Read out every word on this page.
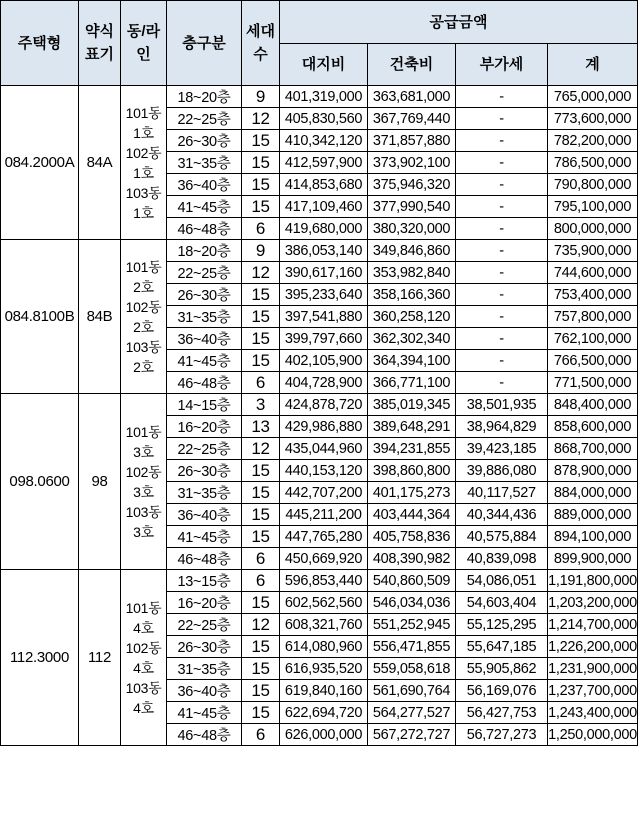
주택형	약식표기	동/라인	층구분	세대수	공급금액			
					대지비	건축비	부가세	계
084.2000A	84A	101동 1호 102동 1호 103동 1호	18~20층	9	401,319,000	363,681,000	-	765,000,000
			22~25층	12	405,830,560	367,769,440	-	773,600,000
			26~30층	15	410,342,120	371,857,880	-	782,200,000
			31~35층	15	412,597,900	373,902,100	-	786,500,000
			36~40층	15	414,853,680	375,946,320	-	790,800,000
			41~45층	15	417,109,460	377,990,540	-	795,100,000
			46~48층	6	419,680,000	380,320,000	-	800,000,000
084.8100B	84B	101동 2호 102동 2호 103동 2호	18~20층	9	386,053,140	349,846,860	-	735,900,000
			22~25층	12	390,617,160	353,982,840	-	744,600,000
			26~30층	15	395,233,640	358,166,360	-	753,400,000
			31~35층	15	397,541,880	360,258,120	-	757,800,000
			36~40층	15	399,797,660	362,302,340	-	762,100,000
			41~45층	15	402,105,900	364,394,100	-	766,500,000
			46~48층	6	404,728,900	366,771,100	-	771,500,000
098.0600	98	101동 3호 102동 3호 103동 3호	14~15층	3	424,878,720	385,019,345	38,501,935	848,400,000
			16~20층	13	429,986,880	389,648,291	38,964,829	858,600,000
			22~25층	12	435,044,960	394,231,855	39,423,185	868,700,000
			26~30층	15	440,153,120	398,860,800	39,886,080	878,900,000
			31~35층	15	442,707,200	401,175,273	40,117,527	884,000,000
			36~40층	15	445,211,200	403,444,364	40,344,436	889,000,000
			41~45층	15	447,765,280	405,758,836	40,575,884	894,100,000
			46~48층	6	450,669,920	408,390,982	40,839,098	899,900,000
112.3000	112	101동 4호 102동 4호 103동 4호	13~15층	6	596,853,440	540,860,509	54,086,051	1,191,800,000
			16~20층	15	602,562,560	546,034,036	54,603,404	1,203,200,000
			22~25층	12	608,321,760	551,252,945	55,125,295	1,214,700,000
			26~30층	15	614,080,960	556,471,855	55,647,185	1,226,200,000
			31~35층	15	616,935,520	559,058,618	55,905,862	1,231,900,000
			36~40층	15	619,840,160	561,690,764	56,169,076	1,237,700,000
			41~45층	15	622,694,720	564,277,527	56,427,753	1,243,400,000
			46~48층	6	626,000,000	567,272,727	56,727,273	1,250,000,000
